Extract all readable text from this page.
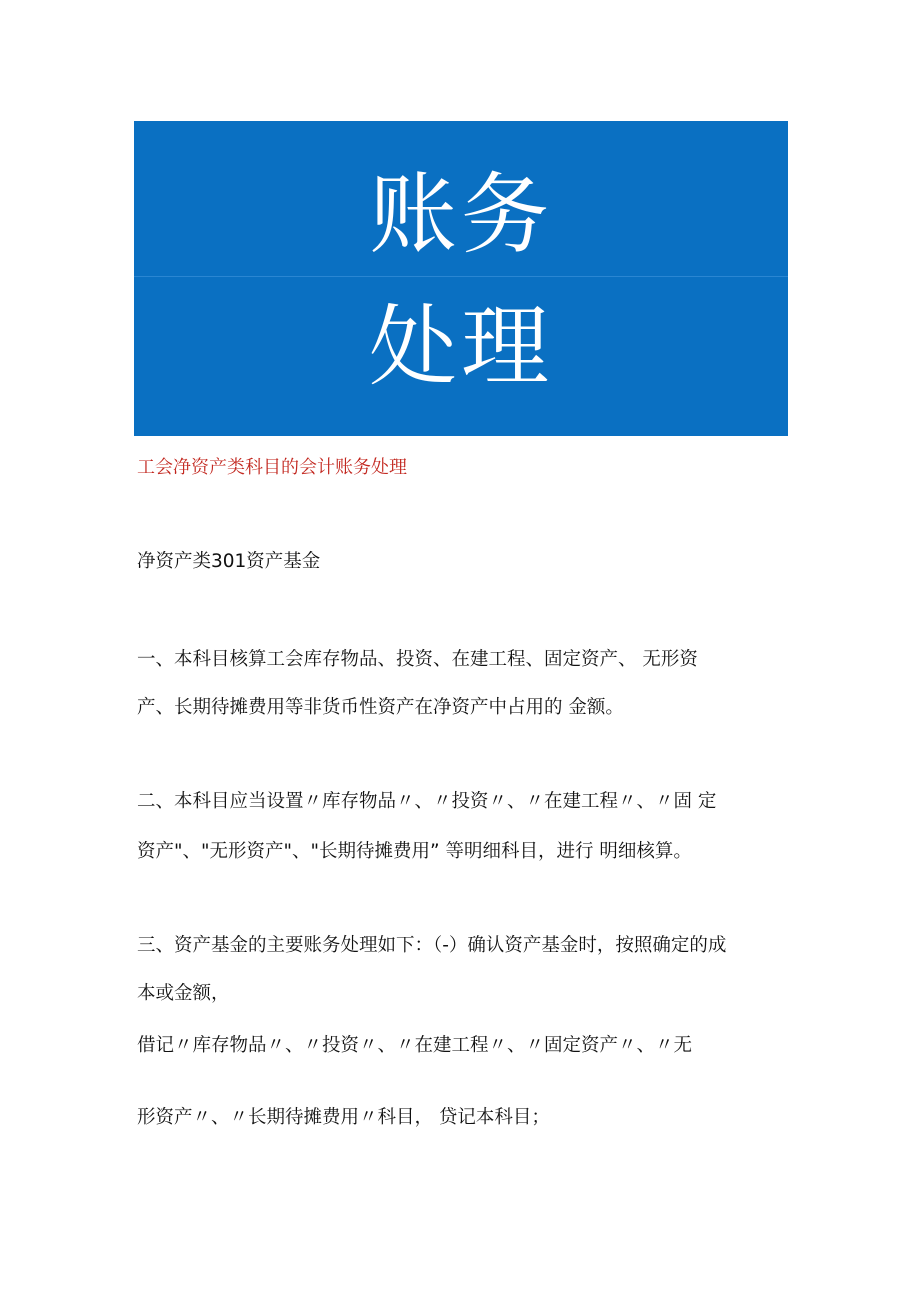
账务
处理
工会净资产类科目的会计账务处理
净资产类301资产基金
一、本科目核算工会库存物品、投资、在建工程、固定资产、 无形资
产、长期待摊费用等非货币性资产在净资产中占用的 金额。
二、本科目应当设置〃库存物品〃、〃投资〃、〃在建工程〃、〃固 定
资产"、"无形资产"、"长期待摊费用” 等明细科目，进行 明细核算。
三、资产基金的主要账务处理如下：（-）确认资产基金时，按照确定的成
本或金额，
借记〃库存物品〃、〃投资〃、〃在建工程〃、〃固定资产〃、〃无
形资产〃、〃长期待摊费用〃科目， 贷记本科目；
